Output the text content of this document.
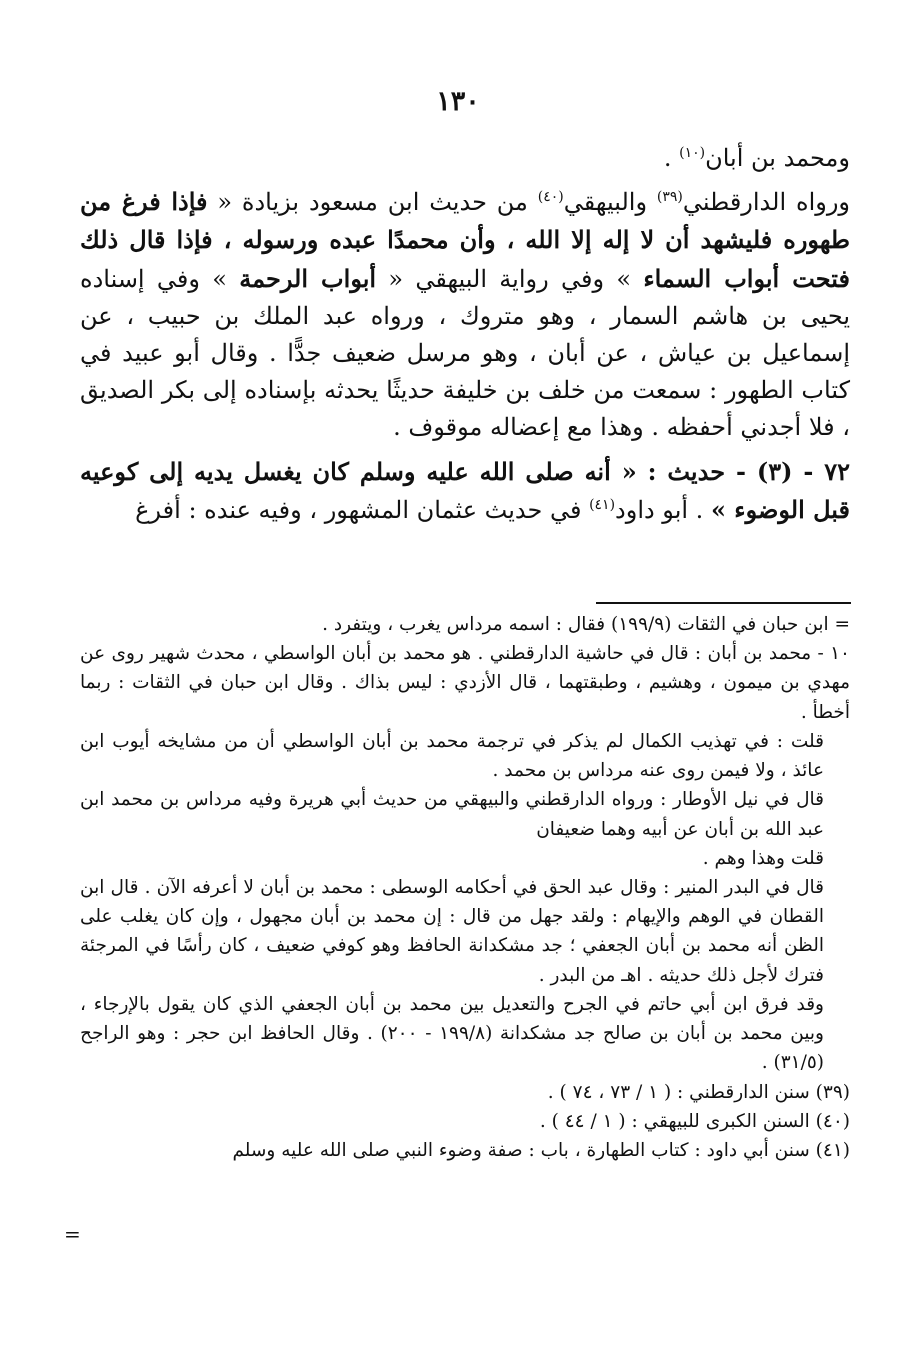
١٣٠

ومحمد بن أبان$^{(١٠)}$ .

ورواه الدارقطني$^{(٣٩)}$ والبيهقي$^{(٤٠)}$ من حديث ابن مسعود بزيادة « فإذا فرغ من طهوره فليشهد أن لا إله إلا الله ، وأن محمدًا عبده ورسوله ، فإذا قال ذلك فتحت أبواب السماء » وفي رواية البيهقي « أبواب الرحمة » وفي إسناده يحيى بن هاشم السمار ، وهو متروك ، ورواه عبد الملك بن حبيب ، عن إسماعيل بن عياش ، عن أبان ، وهو مرسل ضعيف جدًّا . وقال أبو عبيد في كتاب الطهور : سمعت من خلف بن خليفة حديثًا يحدثه بإسناده إلى بكر الصديق ، فلا أجدني أحفظه . وهذا مع إعضاله موقوف .

٧٢ - (٣) - حديث : « أنه صلى الله عليه وسلم كان يغسل يديه إلى كوعيه قبل الوضوء » . أبو داود$^{(٤١)}$ في حديث عثمان المشهور ، وفيه عنده : أفرغ

= ابن حبان في الثقات (١٩٩/٩) فقال : اسمه مرداس يغرب ، ويتفرد .

١٠ - محمد بن أبان : قال في حاشية الدارقطني . هو محمد بن أبان الواسطي ، محدث شهير روى عن مهدي بن ميمون ، وهشيم ، وطبقتهما ، قال الأزدي : ليس بذاك . وقال ابن حبان في الثقات : ربما أخطأ .

قلت : في تهذيب الكمال لم يذكر في ترجمة محمد بن أبان الواسطي أن من مشايخه أيوب ابن عائذ ، ولا فيمن روى عنه مرداس بن محمد .

قال في نيل الأوطار : ورواه الدارقطني والبيهقي من حديث أبي هريرة وفيه مرداس بن محمد ابن عبد الله بن أبان عن أبيه وهما ضعيفان

قلت وهذا وهم .

قال في البدر المنير : وقال عبد الحق في أحكامه الوسطى : محمد بن أبان لا أعرفه الآن . قال ابن القطان في الوهم والإيهام : ولقد جهل من قال : إن محمد بن أبان مجهول ، وإن كان يغلب على الظن أنه محمد بن أبان الجعفي ؛ جد مشكدانة الحافظ وهو كوفي ضعيف ، كان رأسًا في المرجئة فترك لأجل ذلك حديثه . اهـ من البدر .

وقد فرق ابن أبي حاتم في الجرح والتعديل بين محمد بن أبان الجعفي الذي كان يقول بالإرجاء ، وبين محمد بن أبان بن صالح جد مشكدانة (١٩٩/٨ - ٢٠٠) . وقال الحافظ ابن حجر : وهو الراجح (٣١/٥) .

(٣٩) سنن الدارقطني : ( ١ / ٧٣ ، ٧٤ ) .

(٤٠) السنن الكبرى للبيهقي : ( ١ / ٤٤ ) .

(٤١) سنن أبي داود : كتاب الطهارة ، باب : صفة وضوء النبي صلى الله عليه وسلم

=
